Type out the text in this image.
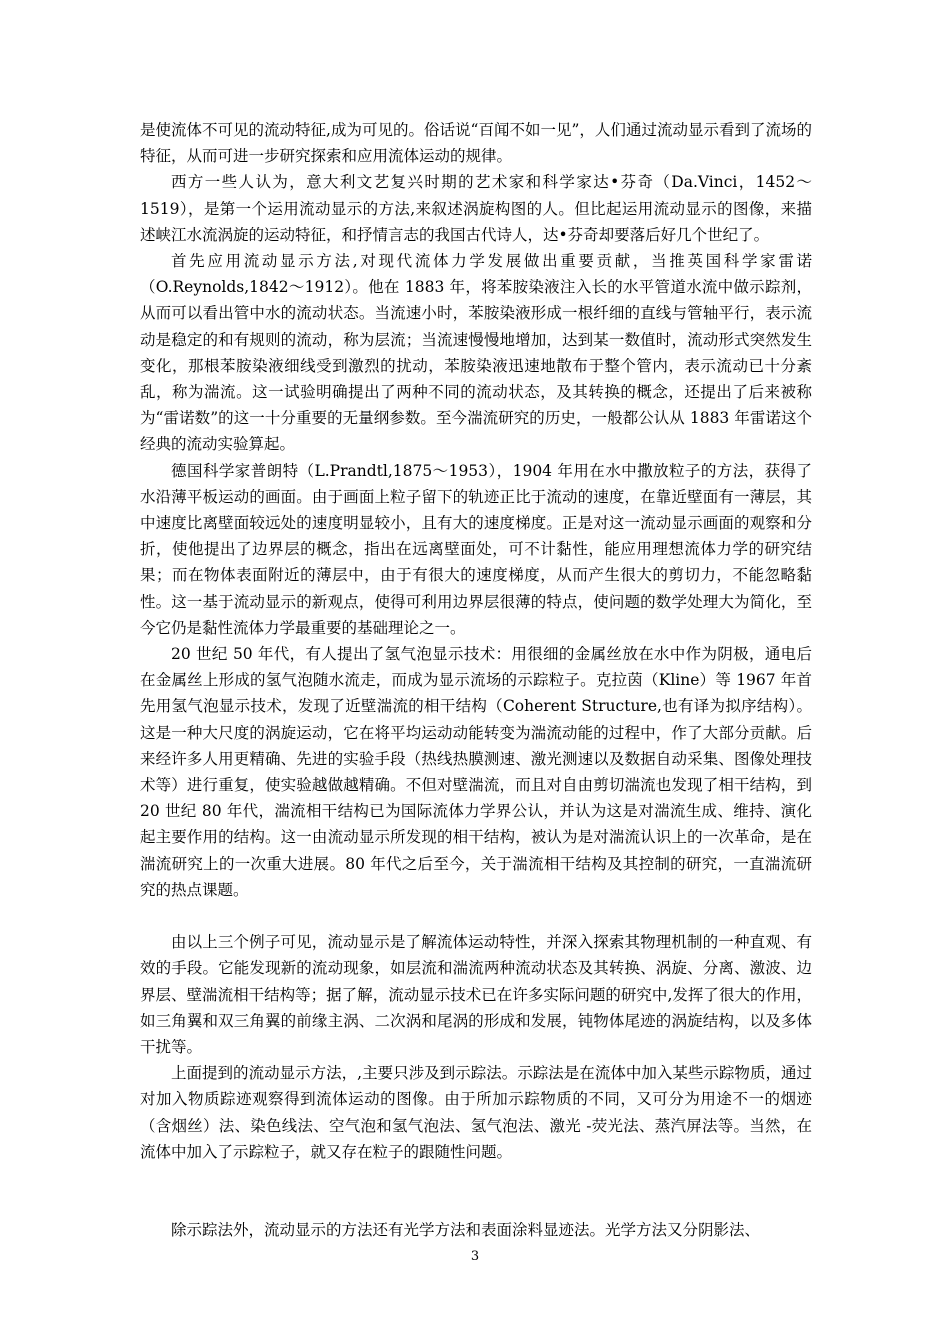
是使流体不可见的流动特征,成为可见的。俗话说“百闻不如一见”，人们通过流动显示看到了流场的特征，从而可进一步研究探索和应用流体运动的规律。

西方一些人认为，意大利文艺复兴时期的艺术家和科学家达•芬奇（Da.Vinci，1452～1519），是第一个运用流动显示的方法,来叙述涡旋构图的人。但比起运用流动显示的图像，来描述峡江水流涡旋的运动特征，和抒情言志的我国古代诗人，达•芬奇却要落后好几个世纪了。

首先应用流动显示方法,对现代流体力学发展做出重要贡献，当推英国科学家雷诺（O.Reynolds,1842～1912）。他在 1883 年，将苯胺染液注入长的水平管道水流中做示踪剂，从而可以看出管中水的流动状态。当流速小时，苯胺染液形成一根纤细的直线与管轴平行，表示流动是稳定的和有规则的流动，称为层流；当流速慢慢地增加，达到某一数值时，流动形式突然发生变化，那根苯胺染液细线受到激烈的扰动，苯胺染液迅速地散布于整个管内，表示流动已十分紊乱，称为湍流。这一试验明确提出了两种不同的流动状态，及其转换的概念，还提出了后来被称为“雷诺数”的这一十分重要的无量纲参数。至今湍流研究的历史，一般都公认从 1883 年雷诺这个经典的流动实验算起。

德国科学家普朗特（L.Prandtl,1875～1953），1904 年用在水中撒放粒子的方法，获得了水沿薄平板运动的画面。由于画面上粒子留下的轨迹正比于流动的速度，在靠近壁面有一薄层，其中速度比离壁面较远处的速度明显较小，且有大的速度梯度。正是对这一流动显示画面的观察和分折，使他提出了边界层的概念，指出在远离壁面处，可不计黏性，能应用理想流体力学的研究结果；而在物体表面附近的薄层中，由于有很大的速度梯度，从而产生很大的剪切力，不能忽略黏性。这一基于流动显示的新观点，使得可利用边界层很薄的特点，使问题的数学处理大为简化，至今它仍是黏性流体力学最重要的基础理论之一。

20 世纪 50 年代，有人提出了氢气泡显示技术：用很细的金属丝放在水中作为阴极，通电后在金属丝上形成的氢气泡随水流走，而成为显示流场的示踪粒子。克拉茵（Kline）等 1967 年首先用氢气泡显示技术，发现了近壁湍流的相干结构（Coherent Structure,也有译为拟序结构）。这是一种大尺度的涡旋运动，它在将平均运动动能转变为湍流动能的过程中，作了大部分贡献。后来经许多人用更精确、先进的实验手段（热线热膜测速、激光测速以及数据自动采集、图像处理技术等）进行重复，使实验越做越精确。不但对壁湍流，而且对自由剪切湍流也发现了相干结构，到 20 世纪 80 年代，湍流相干结构已为国际流体力学界公认，并认为这是对湍流生成、维持、演化起主要作用的结构。这一由流动显示所发现的相干结构，被认为是对湍流认识上的一次革命，是在湍流研究上的一次重大进展。80 年代之后至今，关于湍流相干结构及其控制的研究，一直湍流研究的热点课题。

由以上三个例子可见，流动显示是了解流体运动特性，并深入探索其物理机制的一种直观、有效的手段。它能发现新的流动现象，如层流和湍流两种流动状态及其转换、涡旋、分离、激波、边界层、壁湍流相干结构等；据了解，流动显示技术已在许多实际问题的研究中,发挥了很大的作用，如三角翼和双三角翼的前缘主涡、二次涡和尾涡的形成和发展，钝物体尾迹的涡旋结构，以及多体干扰等。

上面提到的流动显示方法，,主要只涉及到示踪法。示踪法是在流体中加入某些示踪物质，通过对加入物质踪迹观察得到流体运动的图像。由于所加示踪物质的不同，又可分为用途不一的烟迹（含烟丝）法、染色线法、空气泡和氢气泡法、氢气泡法、激光 -荧光法、蒸汽屏法等。当然，在流体中加入了示踪粒子，就又存在粒子的跟随性问题。

除示踪法外，流动显示的方法还有光学方法和表面涂料显迹法。光学方法又分阴影法、

3
